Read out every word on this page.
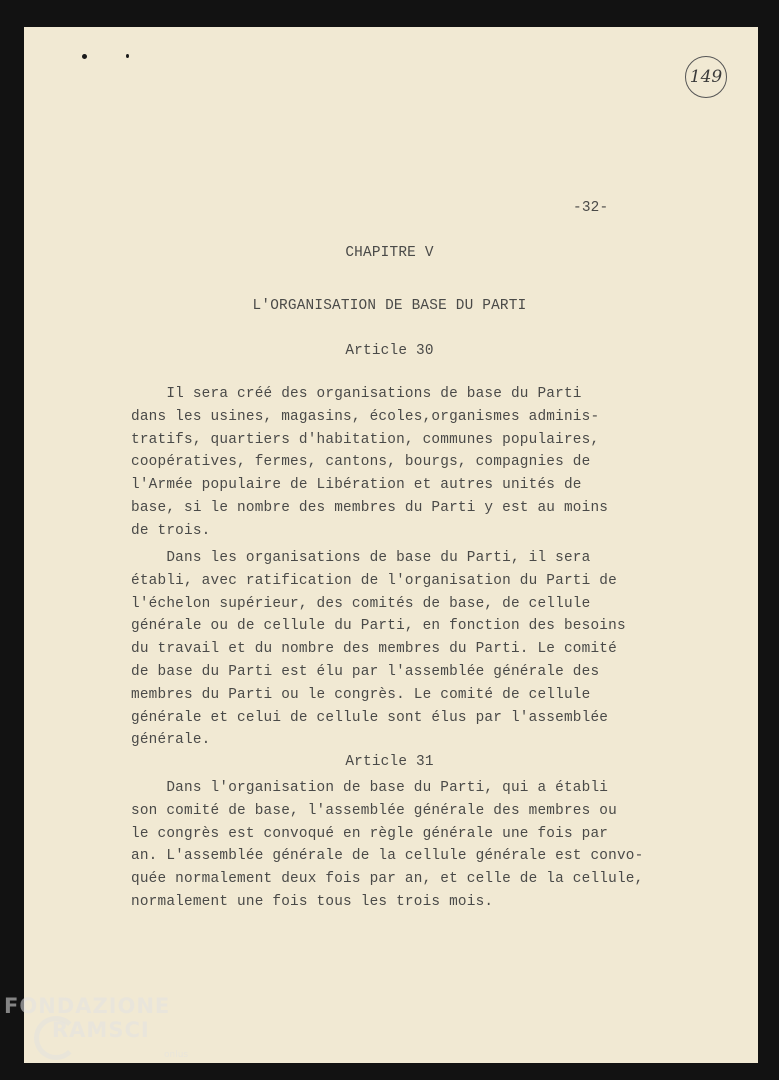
149
-32-
CHAPITRE V
L'ORGANISATION DE BASE DU PARTI
Article 30

Il sera créé des organisations de base du Parti
dans les usines, magasins, écoles,organismes adminis-
tratifs, quartiers d'habitation, communes populaires,
coopératives, fermes, cantons, bourgs, compagnies de
l'Armée populaire de Libération et autres unités de
base, si le nombre des membres du Parti y est au moins
de trois.

Dans les organisations de base du Parti, il sera
établi, avec ratification de l'organisation du Parti de
l'échelon supérieur, des comités de base, de cellule
générale ou de cellule du Parti, en fonction des besoins
du travail et du nombre des membres du Parti. Le comité
de base du Parti est élu par l'assemblée générale des
membres du Parti ou le congrès. Le comité de cellule
générale et celui de cellule sont élus par l'assemblée
générale.

Article 31

Dans l'organisation de base du Parti, qui a établi
son comité de base, l'assemblée générale des membres ou
le congrès est convoqué en règle générale une fois par
an. L'assemblée générale de la cellule générale est convo-
quée normalement deux fois par an, et celle de la cellule,
normalement une fois tous les trois mois.

FONDAZIONE
RAMSCI
onlus
